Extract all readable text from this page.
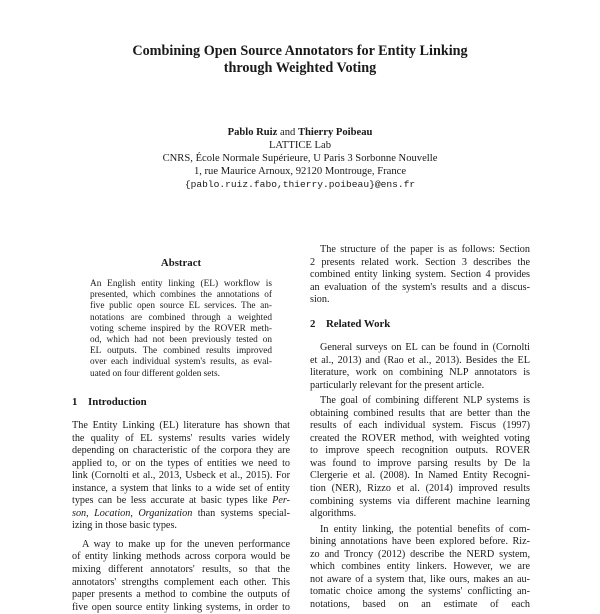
Combining Open Source Annotators for Entity Linking
through Weighted Voting
Pablo Ruiz and Thierry Poibeau
LATTICE Lab
CNRS, École Normale Supérieure, U Paris 3 Sorbonne Nouvelle
1, rue Maurice Arnoux, 92120 Montrouge, France
{pablo.ruiz.fabo,thierry.poibeau}@ens.fr
Abstract
An English entity linking (EL) workflow is
presented, which combines the annotations of
five public open source EL services. The an-
notations are combined through a weighted
voting scheme inspired by the ROVER meth-
od, which had not been previously tested on
EL outputs. The combined results improved
over each individual system's results, as eval-
uated on four different golden sets.
1 Introduction

The Entity Linking (EL) literature has shown that
the quality of EL systems' results varies widely
depending on characteristic of the corpora they are
applied to, or on the types of entities we need to
link (Cornolti et al., 2013, Usbeck et al., 2015). For
instance, a system that links to a wide set of entity
types can be less accurate at basic types like Per-
son, Location, Organization than systems special-
izing in those basic types.

A way to make up for the uneven performance
of entity linking methods across corpora would be
mixing different annotators' results, so that the
annotators' strengths complement each other. This
paper presents a method to combine the outputs of
five open source entity linking systems, in order to

The structure of the paper is as follows: Section
2 presents related work. Section 3 describes the
combined entity linking system. Section 4 provides
an evaluation of the system's results and a discus-
sion.

2 Related Work

General surveys on EL can be found in (Cornolti
et al., 2013) and (Rao et al., 2013). Besides the EL
literature, work on combining NLP annotators is
particularly relevant for the present article.

The goal of combining different NLP systems is
obtaining combined results that are better than the
results of each individual system. Fiscus (1997)
created the ROVER method, with weighted voting
to improve speech recognition outputs. ROVER
was found to improve parsing results by De la
Clergerie et al. (2008). In Named Entity Recogni-
tion (NER), Rizzo et al. (2014) improved results
combining systems via different machine learning
algorithms.

In entity linking, the potential benefits of com-
bining annotations have been explored before. Riz-
zo and Troncy (2012) describe the NERD system,
which combines entity linkers. However, we are
not aware of a system that, like ours, makes an au-
tomatic choice among the systems' conflicting an-
notations, based on an estimate of each
